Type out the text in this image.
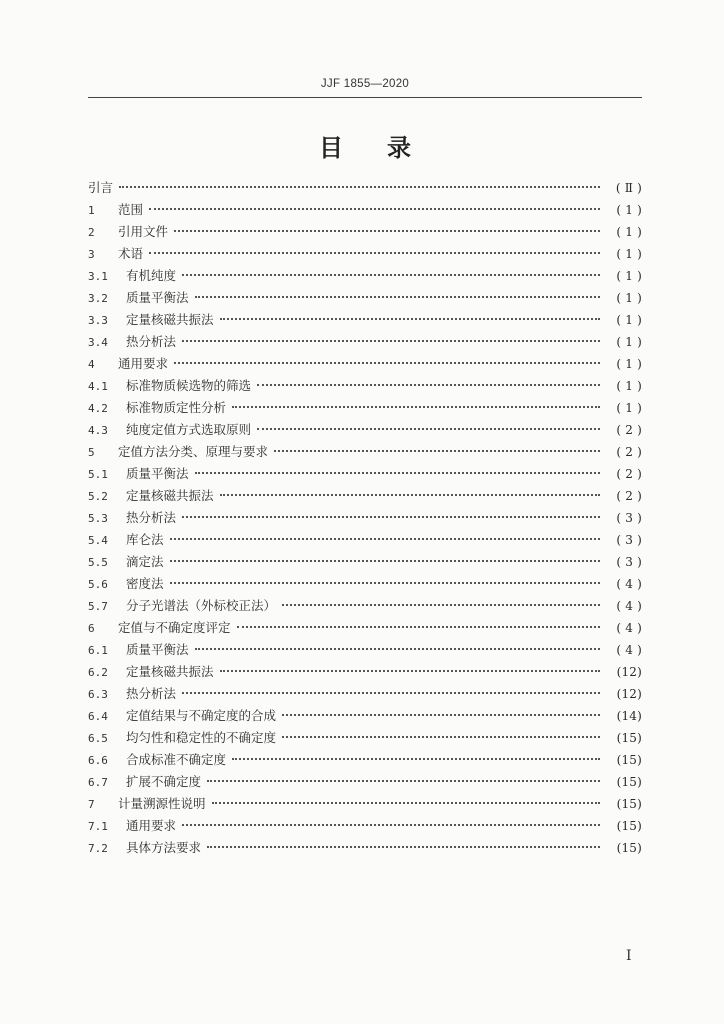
JJF 1855—2020
目 录
引言	( Ⅱ )
1	范围	( 1 )
2	引用文件	( 1 )
3	术语	( 1 )
3.1	有机纯度	( 1 )
3.2	质量平衡法	( 1 )
3.3	定量核磁共振法	( 1 )
3.4	热分析法	( 1 )
4	通用要求	( 1 )
4.1	标准物质候选物的筛选	( 1 )
4.2	标准物质定性分析	( 1 )
4.3	纯度定值方式选取原则	( 2 )
5	定值方法分类、原理与要求	( 2 )
5.1	质量平衡法	( 2 )
5.2	定量核磁共振法	( 2 )
5.3	热分析法	( 3 )
5.4	库仑法	( 3 )
5.5	滴定法	( 3 )
5.6	密度法	( 4 )
5.7	分子光谱法（外标校正法）	( 4 )
6	定值与不确定度评定	( 4 )
6.1	质量平衡法	( 4 )
6.2	定量核磁共振法	(12)
6.3	热分析法	(12)
6.4	定值结果与不确定度的合成	(14)
6.5	均匀性和稳定性的不确定度	(15)
6.6	合成标准不确定度	(15)
6.7	扩展不确定度	(15)
7	计量溯源性说明	(15)
7.1	通用要求	(15)
7.2	具体方法要求	(15)
Ⅰ
